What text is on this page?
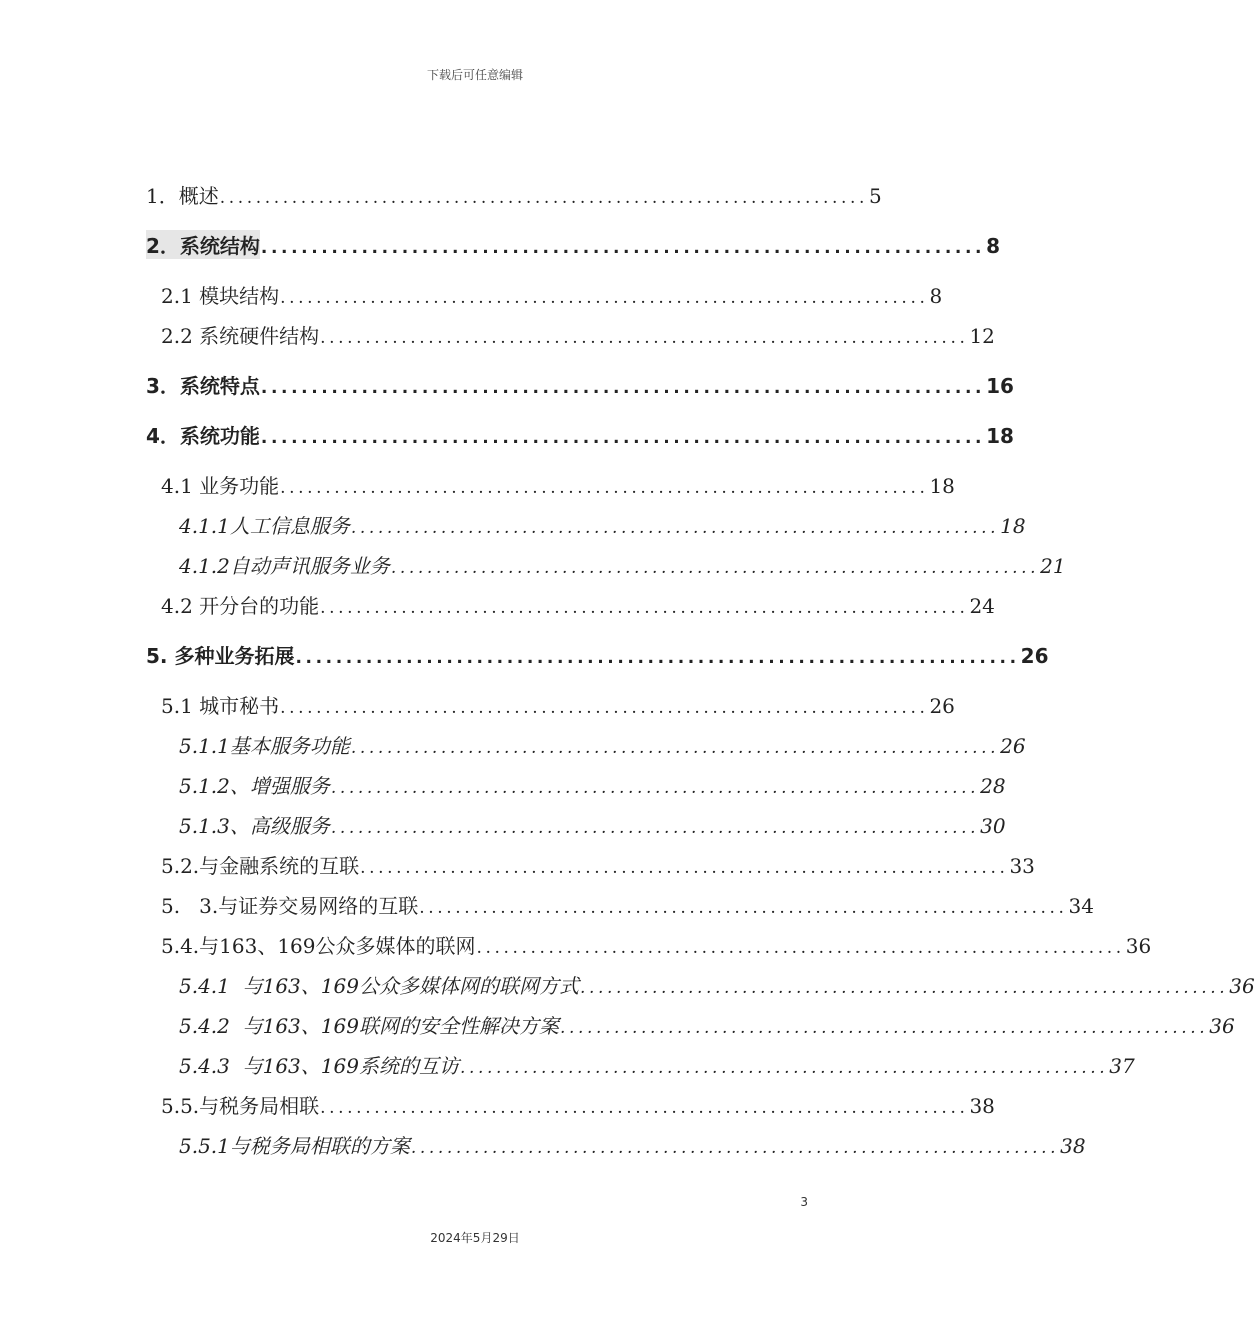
下载后可任意编辑
1．概述 ........................................................................ 5
2．系统结构 ........................................................................ 8
2.1 模块结构 ........................................................................ 8
2.2 系统硬件结构 ........................................................................ 12
3．系统特点 ........................................................................ 16
4．系统功能 ........................................................................ 18
4.1 业务功能 ........................................................................ 18
4.1.1人工信息服务 ........................................................................ 18
4.1.2自动声讯服务业务 ........................................................................ 21
4.2 开分台的功能 ........................................................................ 24
5. 多种业务拓展 ........................................................................ 26
5.1 城市秘书 ........................................................................ 26
5.1.1基本服务功能 ........................................................................ 26
5.1.2、增强服务 ........................................................................ 28
5.1.3、高级服务 ........................................................................ 30
5.2.与金融系统的互联 ........................................................................ 33
5.   3.与证券交易网络的互联 ........................................................................ 34
5.4.与163、169公众多媒体的联网 ........................................................................ 36
5.4.1  与163、169公众多媒体网的联网方式 ........................................................................ 36
5.4.2  与163、169联网的安全性解决方案 ........................................................................ 36
5.4.3  与163、169系统的互访 ........................................................................ 37
5.5.与税务局相联 ........................................................................ 38
5.5.1与税务局相联的方案 ........................................................................ 38
3
2024年5月29日
